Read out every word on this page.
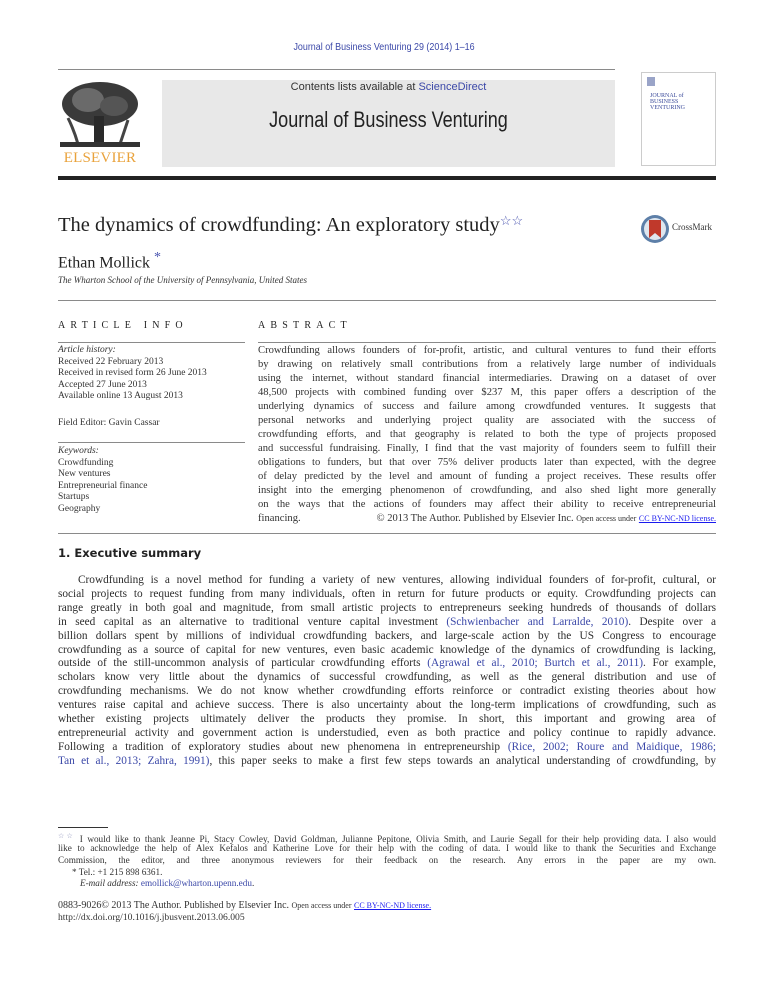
Journal of Business Venturing 29 (2014) 1–16
ELSEVIER
Contents lists available at ScienceDirect
Journal of Business Venturing
JOURNAL of BUSINESS VENTURING
The dynamics of crowdfunding: An exploratory study☆☆	CrossMark
Ethan Mollick *
The Wharton School of the University of Pennsylvania, United States
ARTICLE INFO	ABSTRACT
Article history:
Received 22 February 2013
Received in revised form 26 June 2013
Accepted 27 June 2013
Available online 13 August 2013
Field Editor: Gavin Cassar
Keywords:
Crowdfunding
New ventures
Entrepreneurial finance
Startups
Geography
Crowdfunding allows founders of for-profit, artistic, and cultural ventures to fund their efforts
by drawing on relatively small contributions from a relatively large number of individuals
using the internet, without standard financial intermediaries. Drawing on a dataset of over
48,500 projects with combined funding over $237 M, this paper offers a description of the
underlying dynamics of success and failure among crowdfunded ventures. It suggests that
personal networks and underlying project quality are associated with the success of
crowdfunding efforts, and that geography is related to both the type of projects proposed
and successful fundraising. Finally, I find that the vast majority of founders seem to fulfill their
obligations to funders, but that over 75% deliver products later than expected, with the degree
of delay predicted by the level and amount of funding a project receives. These results offer
insight into the emerging phenomenon of crowdfunding, and also shed light more generally
on the ways that the actions of founders may affect their ability to receive entrepreneurial
financing.	© 2013 The Author. Published by Elsevier Inc. Open access under CC BY-NC-ND license.
1. Executive summary
Crowdfunding is a novel method for funding a variety of new ventures, allowing individual founders of for-profit, cultural, or
social projects to request funding from many individuals, often in return for future products or equity. Crowdfunding projects can
range greatly in both goal and magnitude, from small artistic projects to entrepreneurs seeking hundreds of thousands of dollars
in seed capital as an alternative to traditional venture capital investment (Schwienbacher and Larralde, 2010). Despite over a
billion dollars spent by millions of individual crowdfunding backers, and large-scale action by the US Congress to encourage
crowdfunding as a source of capital for new ventures, even basic academic knowledge of the dynamics of crowdfunding is lacking,
outside of the still-uncommon analysis of particular crowdfunding efforts (Agrawal et al., 2010; Burtch et al., 2011). For example,
scholars know very little about the dynamics of successful crowdfunding, as well as the general distribution and use of
crowdfunding mechanisms. We do not know whether crowdfunding efforts reinforce or contradict existing theories about how
ventures raise capital and achieve success. There is also uncertainty about the long-term implications of crowdfunding, such as
whether existing projects ultimately deliver the products they promise. In short, this important and growing area of
entrepreneurial activity and government action is understudied, even as both practice and policy continue to rapidly advance.
Following a tradition of exploratory studies about new phenomena in entrepreneurship (Rice, 2002; Roure and Maidique, 1986;
Tan et al., 2013; Zahra, 1991), this paper seeks to make a first few steps towards an analytical understanding of crowdfunding, by
☆☆ I would like to thank Jeanne Pi, Stacy Cowley, David Goldman, Julianne Pepitone, Olivia Smith, and Laurie Segall for their help providing data. I also would
like to acknowledge the help of Alex Kefalos and Katherine Love for their help with the coding of data. I would like to thank the Securities and Exchange
Commission, the editor, and three anonymous reviewers for their feedback on the research. Any errors in the paper are my own.
* Tel.: +1 215 898 6361.
E-mail address: emollick@wharton.upenn.edu.
0883-9026© 2013 The Author. Published by Elsevier Inc. Open access under CC BY-NC-ND license.
http://dx.doi.org/10.1016/j.jbusvent.2013.06.005
